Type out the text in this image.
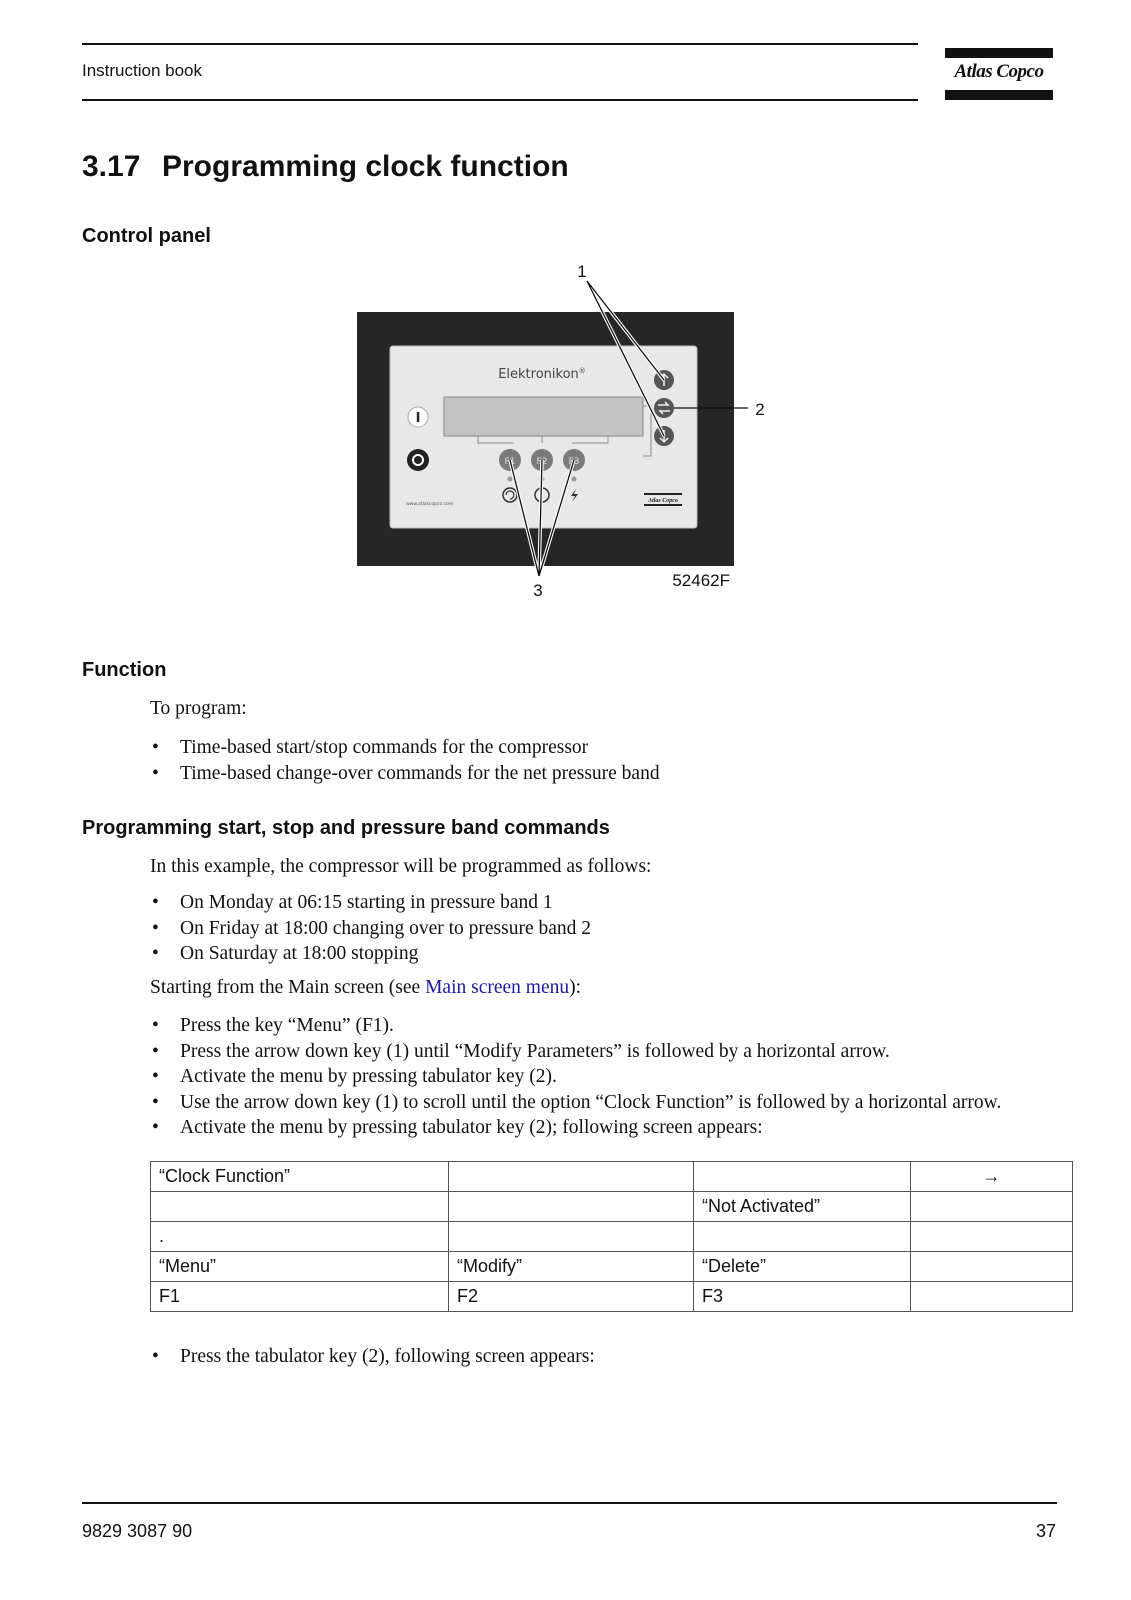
Instruction book	Atlas Copco
3.17 Programming clock function
Control panel
Elektronikon®
I
F1 F2 F3
www.atlascopco.com
Atlas Copco
1
2
3
52462F
Function

To program:

• Time-based start/stop commands for the compressor
• Time-based change-over commands for the net pressure band
Programming start, stop and pressure band commands

In this example, the compressor will be programmed as follows:

• On Monday at 06:15 starting in pressure band 1
• On Friday at 18:00 changing over to pressure band 2
• On Saturday at 18:00 stopping

Starting from the Main screen (see Main screen menu):

• Press the key “Menu” (F1).
• Press the arrow down key (1) until “Modify Parameters” is followed by a horizontal arrow.
• Activate the menu by pressing tabulator key (2).
• Use the arrow down key (1) to scroll until the option “Clock Function” is followed by a horizontal arrow.
• Activate the menu by pressing tabulator key (2); following screen appears:
“Clock Function”			→
		“Not Activated”	
.			
“Menu”	“Modify”	“Delete”	
F1	F2	F3	
• Press the tabulator key (2), following screen appears:
9829 3087 90	37
